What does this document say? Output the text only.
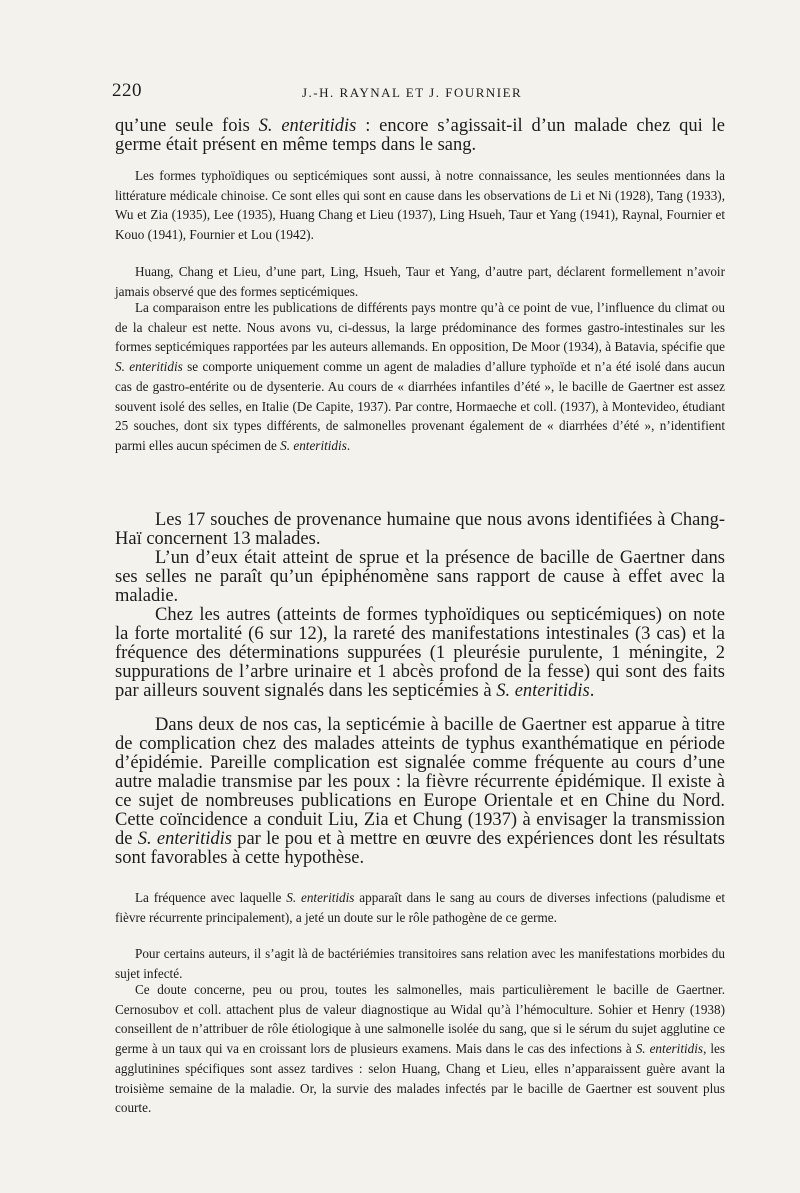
220	J.-H. RAYNAL ET J. FOURNIER

qu’une seule fois S. enteritidis : encore s’agissait-il d’un malade chez qui le germe était présent en même temps dans le sang.

Les formes typhoïdiques ou septicémiques sont aussi, à notre connaissance, les seules mentionnées dans la littérature médicale chinoise. Ce sont elles qui sont en cause dans les observations de Li et Ni (1928), Tang (1933), Wu et Zia (1935), Lee (1935), Huang Chang et Lieu (1937), Ling Hsueh, Taur et Yang (1941), Raynal, Fournier et Kouo (1941), Fournier et Lou (1942).

Huang, Chang et Lieu, d’une part, Ling, Hsueh, Taur et Yang, d’autre part, déclarent formellement n’avoir jamais observé que des formes septicémiques.

La comparaison entre les publications de différents pays montre qu’à ce point de vue, l’influence du climat ou de la chaleur est nette. Nous avons vu, ci-dessus, la large prédominance des formes gastro-intestinales sur les formes septicémiques rapportées par les auteurs allemands. En opposition, De Moor (1934), à Batavia, spécifie que S. enteritidis se comporte uniquement comme un agent de maladies d’allure typhoïde et n’a été isolé dans aucun cas de gastro-entérite ou de dysenterie. Au cours de « diarrhées infantiles d’été », le bacille de Gaertner est assez souvent isolé des selles, en Italie (De Capite, 1937). Par contre, Hormaeche et coll. (1937), à Montevideo, étudiant 25 souches, dont six types différents, de salmonelles provenant également de « diarrhées d’été », n’identifient parmi elles aucun spécimen de S. enteritidis.

Les 17 souches de provenance humaine que nous avons identifiées à Chang-Haï concernent 13 malades.

L’un d’eux était atteint de sprue et la présence de bacille de Gaertner dans ses selles ne paraît qu’un épiphénomène sans rapport de cause à effet avec la maladie.

Chez les autres (atteints de formes typhoïdiques ou septicémiques) on note la forte mortalité (6 sur 12), la rareté des manifestations intestinales (3 cas) et la fréquence des déterminations suppurées (1 pleurésie purulente, 1 méningite, 2 suppurations de l’arbre urinaire et 1 abcès profond de la fesse) qui sont des faits par ailleurs souvent signalés dans les septicémies à S. enteritidis.

Dans deux de nos cas, la septicémie à bacille de Gaertner est apparue à titre de complication chez des malades atteints de typhus exanthématique en période d’épidémie. Pareille complication est signalée comme fréquente au cours d’une autre maladie transmise par les poux : la fièvre récurrente épidémique. Il existe à ce sujet de nombreuses publications en Europe Orientale et en Chine du Nord. Cette coïncidence a conduit Liu, Zia et Chung (1937) à envisager la transmission de S. enteritidis par le pou et à mettre en œuvre des expériences dont les résultats sont favorables à cette hypothèse.

La fréquence avec laquelle S. enteritidis apparaît dans le sang au cours de diverses infections (paludisme et fièvre récurrente principalement), a jeté un doute sur le rôle pathogène de ce germe.

Pour certains auteurs, il s’agit là de bactériémies transitoires sans relation avec les manifestations morbides du sujet infecté.

Ce doute concerne, peu ou prou, toutes les salmonelles, mais particulièrement le bacille de Gaertner. Cernosubov et coll. attachent plus de valeur diagnostique au Widal qu’à l’hémoculture. Sohier et Henry (1938) conseillent de n’attribuer de rôle étiologique à une salmonelle isolée du sang, que si le sérum du sujet agglutine ce germe à un taux qui va en croissant lors de plusieurs examens. Mais dans le cas des infections à S. enteritidis, les agglutinines spécifiques sont assez tardives : selon Huang, Chang et Lieu, elles n’apparaissent guère avant la troisième semaine de la maladie. Or, la survie des malades infectés par le bacille de Gaertner est souvent plus courte.
